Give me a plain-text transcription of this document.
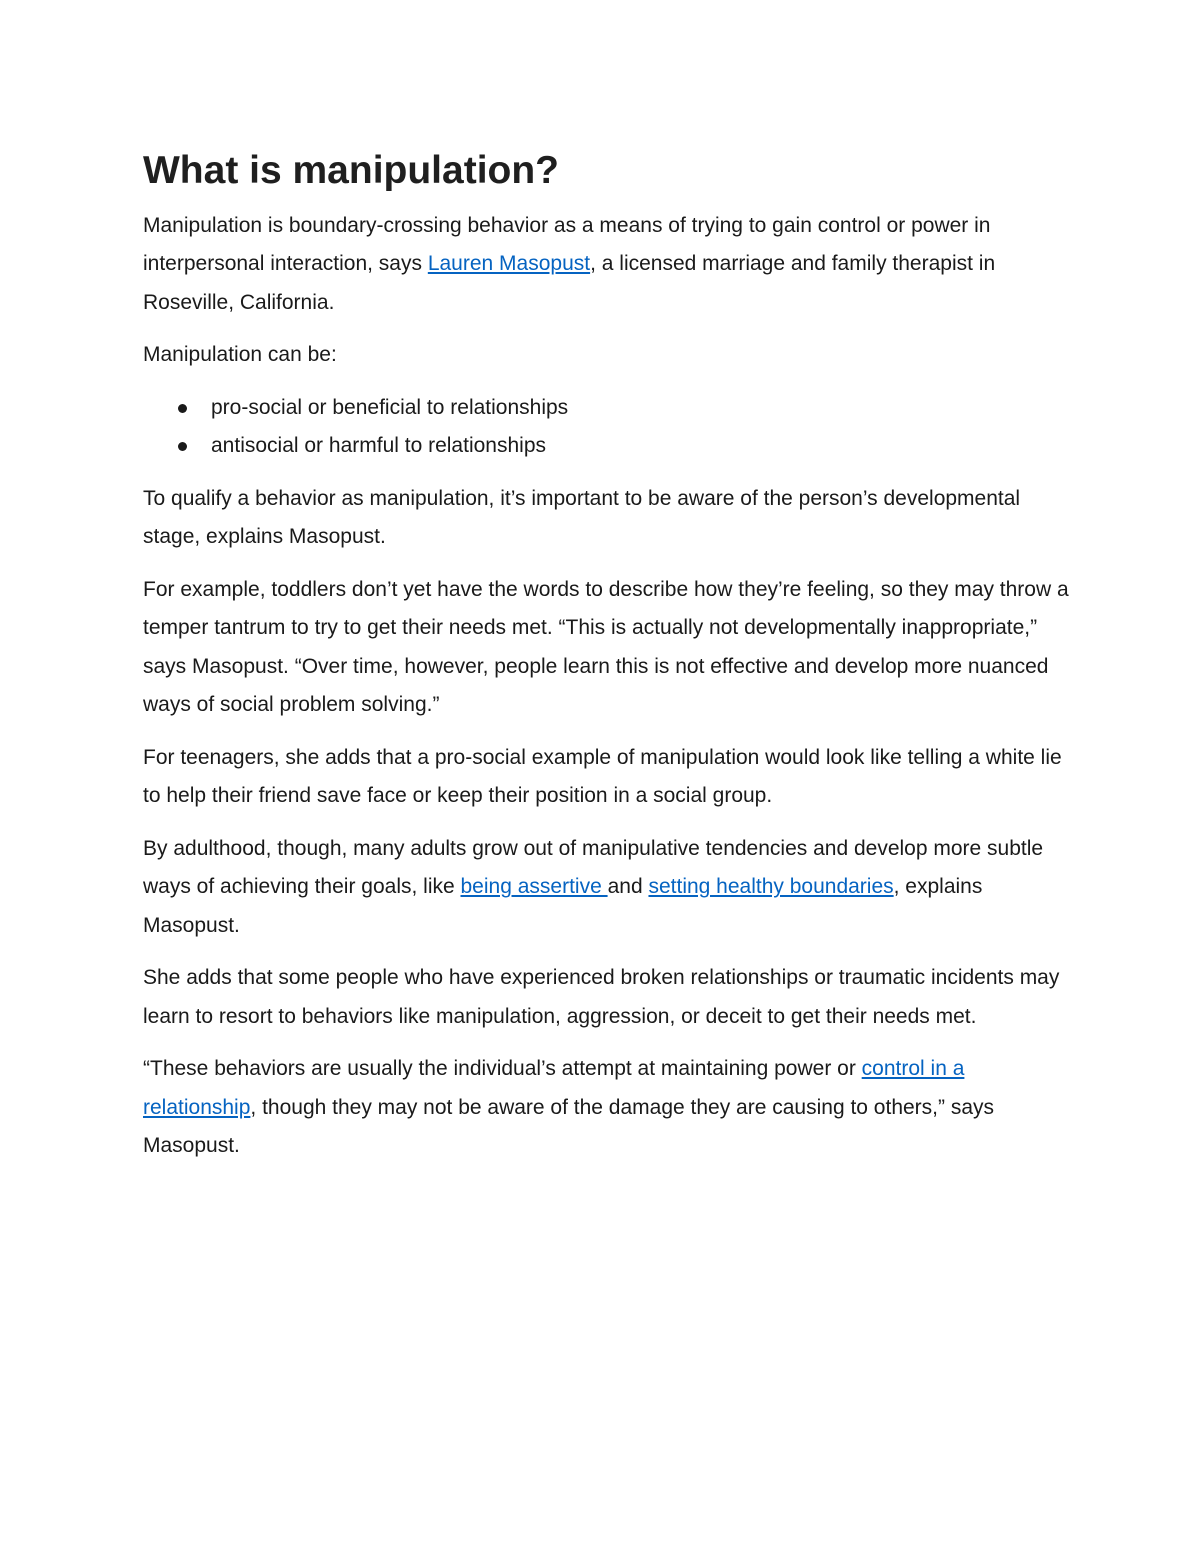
What is manipulation?

Manipulation is boundary-crossing behavior as a means of trying to gain control or power in interpersonal interaction, says Lauren Masopust, a licensed marriage and family therapist in Roseville, California.

Manipulation can be:

pro-social or beneficial to relationships
antisocial or harmful to relationships

To qualify a behavior as manipulation, it’s important to be aware of the person’s developmental stage, explains Masopust.

For example, toddlers don’t yet have the words to describe how they’re feeling, so they may throw a temper tantrum to try to get their needs met. “This is actually not developmentally inappropriate,” says Masopust. “Over time, however, people learn this is not effective and develop more nuanced ways of social problem solving.”

For teenagers, she adds that a pro-social example of manipulation would look like telling a white lie to help their friend save face or keep their position in a social group.

By adulthood, though, many adults grow out of manipulative tendencies and develop more subtle ways of achieving their goals, like being assertive and setting healthy boundaries, explains Masopust.

She adds that some people who have experienced broken relationships or traumatic incidents may learn to resort to behaviors like manipulation, aggression, or deceit to get their needs met.

“These behaviors are usually the individual’s attempt at maintaining power or control in a relationship, though they may not be aware of the damage they are causing to others,” says Masopust.
